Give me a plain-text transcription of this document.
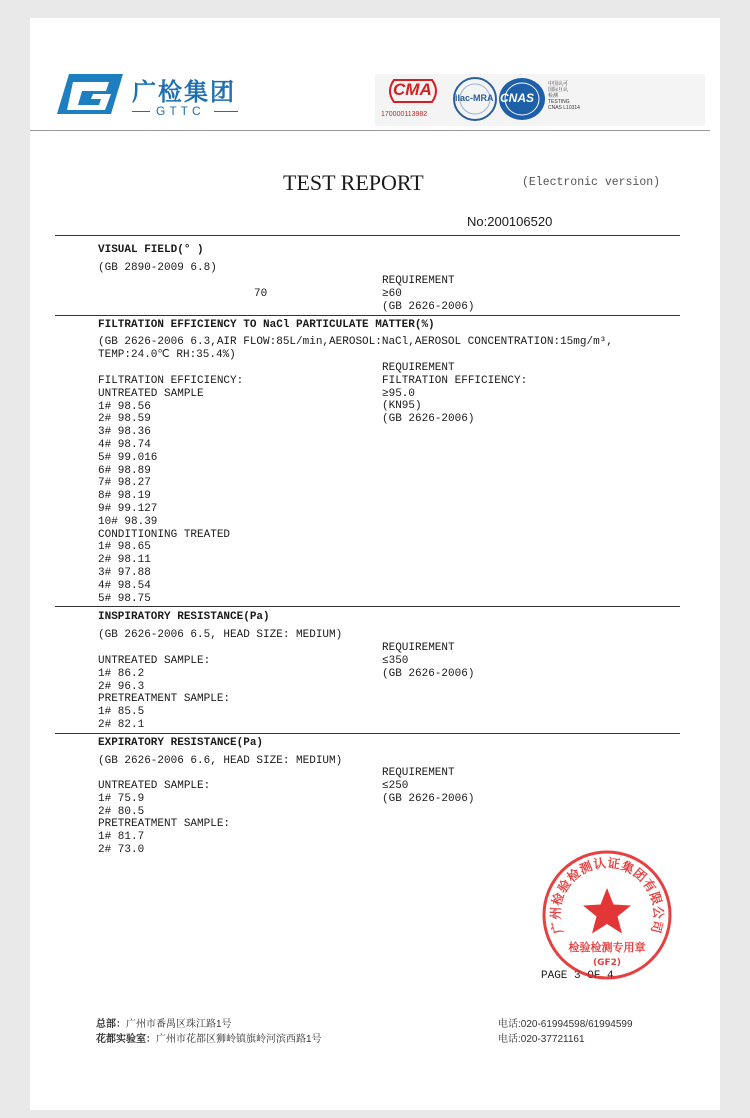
广检集团
GTTC
CMA
170000113982
ilac-MRA CNAS
中国认可
国际互认
检测
TESTING
CNAS L10314
TEST REPORT	(Electronic version)
No:200106520
VISUAL FIELD(° )
(GB 2890-2009 6.8)
70
REQUIREMENT
≥60
(GB 2626-2006)
FILTRATION EFFICIENCY TO NaCl PARTICULATE MATTER(%)
(GB 2626-2006 6.3,AIR FLOW:85L/min,AEROSOL:NaCl,AEROSOL CONCENTRATION:15mg/m³,
TEMP:24.0℃ RH:35.4%)
FILTRATION EFFICIENCY:
UNTREATED SAMPLE
1# 98.56
2# 98.59
3# 98.36
4# 98.74
5# 99.016
6# 98.89
7# 98.27
8# 98.19
9# 99.127
10# 98.39
CONDITIONING TREATED
1# 98.65
2# 98.11
3# 97.88
4# 98.54
5# 98.75
REQUIREMENT
FILTRATION EFFICIENCY:
≥95.0
(KN95)
(GB 2626-2006)
INSPIRATORY RESISTANCE(Pa)
(GB 2626-2006 6.5, HEAD SIZE: MEDIUM)
UNTREATED SAMPLE:
1# 86.2
2# 96.3
PRETREATMENT SAMPLE:
1# 85.5
2# 82.1
REQUIREMENT
≤350
(GB 2626-2006)
EXPIRATORY RESISTANCE(Pa)
(GB 2626-2006 6.6, HEAD SIZE: MEDIUM)
UNTREATED SAMPLE:
1# 75.9
2# 80.5
PRETREATMENT SAMPLE:
1# 81.7
2# 73.0
REQUIREMENT
≤250
(GB 2626-2006)
PAGE 3 OF 4
广州检验检测认证集团有限公司
检验检测专用章
(GF2)
总部：广州市番禺区珠江路1号
花都实验室：广州市花都区狮岭镇旗岭河滨西路1号
电话:020-61994598/61994599
电话:020-37721161
